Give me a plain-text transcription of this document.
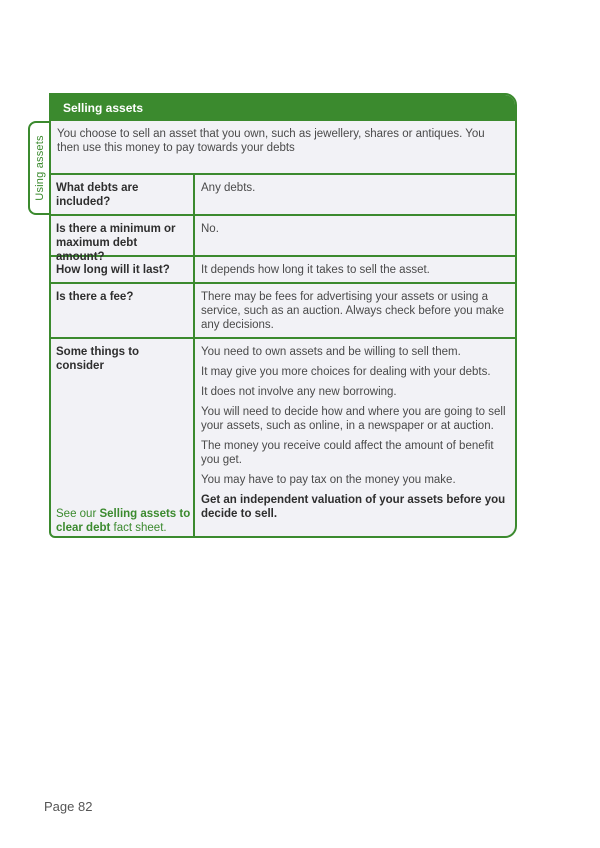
Using assets
Selling assets
You choose to sell an asset that you own, such as jewellery, shares or antiques. You then use this money to pay towards your debts
What debts are included?
Any debts.
Is there a minimum or maximum debt amount?
No.
How long will it last?	It depends how long it takes to sell the asset.
Is there a fee?	There may be fees for advertising your assets or using a service, such as an auction. Always check before you make any decisions.
Some things to consider
See our Selling assets to clear debt fact sheet.

You need to own assets and be willing to sell them.

It may give you more choices for dealing with your debts.

It does not involve any new borrowing.

You will need to decide how and where you are going to sell your assets, such as online, in a newspaper or at auction.

The money you receive could affect the amount of benefit you get.

You may have to pay tax on the money you make.

Get an independent valuation of your assets before you decide to sell.

Page 82
